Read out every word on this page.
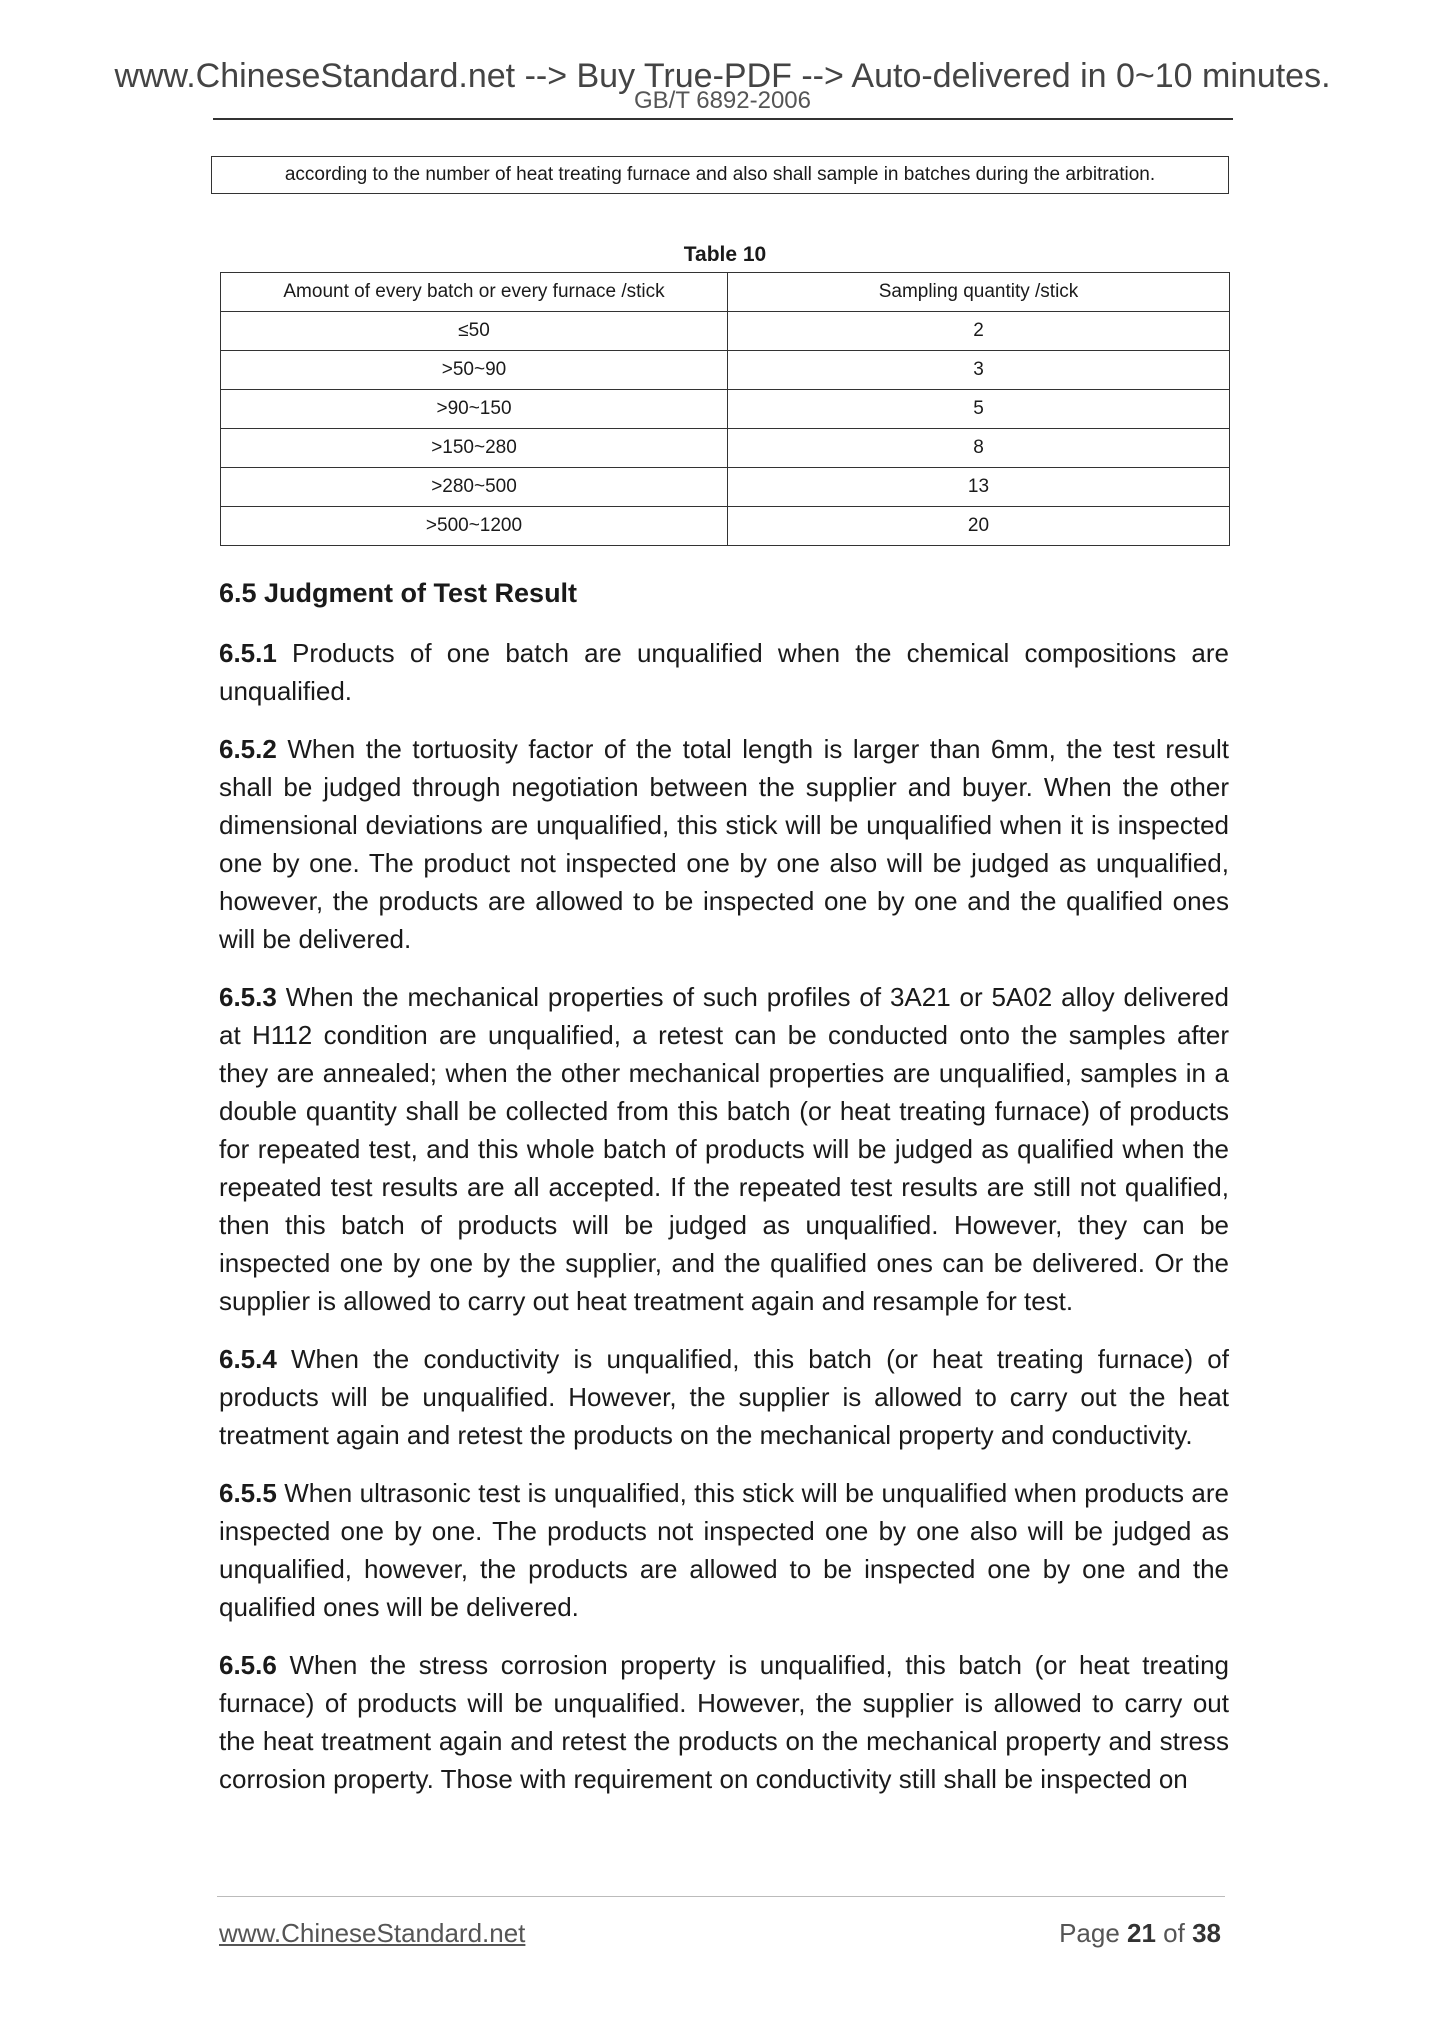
www.ChineseStandard.net --> Buy True-PDF --> Auto-delivered in 0~10 minutes.
GB/T 6892-2006
according to the number of heat treating furnace and also shall sample in batches during the arbitration.
Table 10
Amount of every batch or every furnace /stick	Sampling quantity /stick
≤50	2
>50~90	3
>90~150	5
>150~280	8
>280~500	13
>500~1200	20
6.5 Judgment of Test Result

6.5.1 Products of one batch are unqualified when the chemical compositions are unqualified.

6.5.2 When the tortuosity factor of the total length is larger than 6mm, the test result shall be judged through negotiation between the supplier and buyer. When the other dimensional deviations are unqualified, this stick will be unqualified when it is inspected one by one. The product not inspected one by one also will be judged as unqualified, however, the products are allowed to be inspected one by one and the qualified ones will be delivered.

6.5.3 When the mechanical properties of such profiles of 3A21 or 5A02 alloy delivered at H112 condition are unqualified, a retest can be conducted onto the samples after they are annealed; when the other mechanical properties are unqualified, samples in a double quantity shall be collected from this batch (or heat treating furnace) of products for repeated test, and this whole batch of products will be judged as qualified when the repeated test results are all accepted. If the repeated test results are still not qualified, then this batch of products will be judged as unqualified. However, they can be inspected one by one by the supplier, and the qualified ones can be delivered. Or the supplier is allowed to carry out heat treatment again and resample for test.

6.5.4 When the conductivity is unqualified, this batch (or heat treating furnace) of products will be unqualified. However, the supplier is allowed to carry out the heat treatment again and retest the products on the mechanical property and conductivity.

6.5.5 When ultrasonic test is unqualified, this stick will be unqualified when products are inspected one by one. The products not inspected one by one also will be judged as unqualified, however, the products are allowed to be inspected one by one and the qualified ones will be delivered.

6.5.6 When the stress corrosion property is unqualified, this batch (or heat treating furnace) of products will be unqualified. However, the supplier is allowed to carry out the heat treatment again and retest the products on the mechanical property and stress corrosion property. Those with requirement on conductivity still shall be inspected on

www.ChineseStandard.net	Page 21 of 38
